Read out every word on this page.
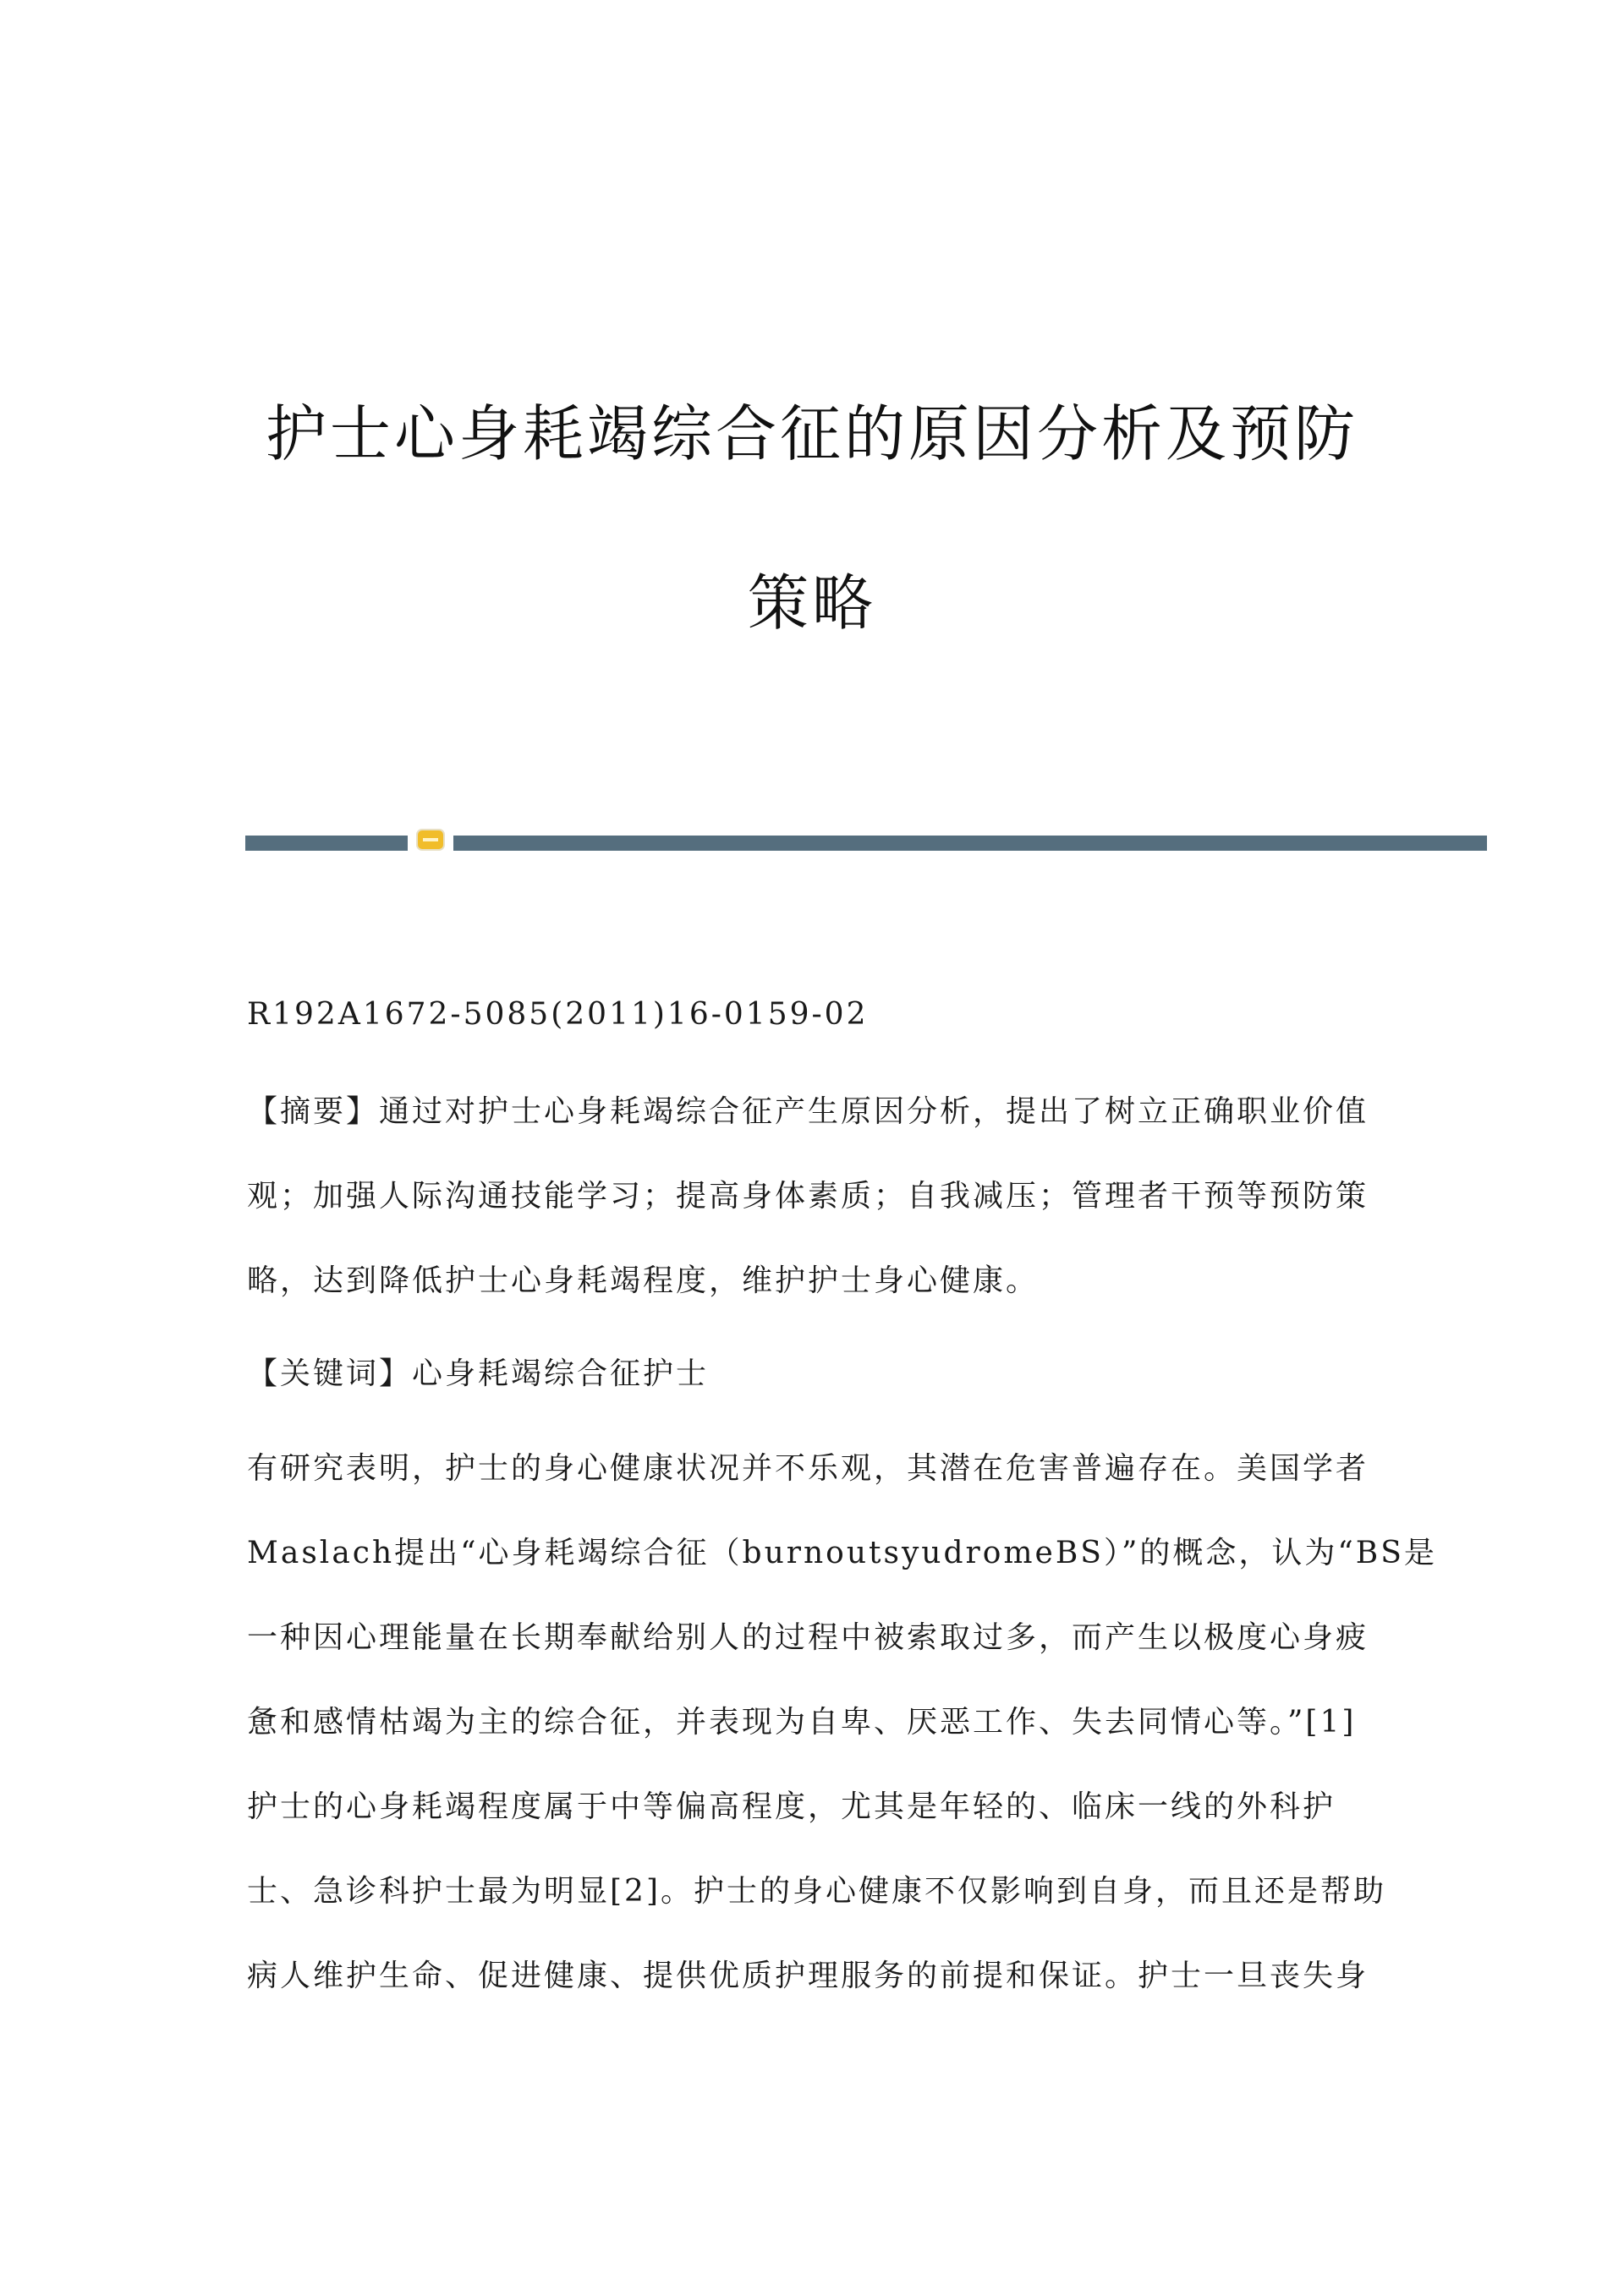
护士心身耗竭综合征的原因分析及预防
策略
R192A1672-5085(2011)16-0159-02
【摘要】通过对护士心身耗竭综合征产生原因分析，提出了树立正确职业价值
观；加强人际沟通技能学习；提高身体素质；自我减压；管理者干预等预防策
略，达到降低护士心身耗竭程度，维护护士身心健康。
【关键词】心身耗竭综合征护士
有研究表明，护士的身心健康状况并不乐观，其潜在危害普遍存在。美国学者
Maslach提出“心身耗竭综合征（burnoutsyudromeBS）”的概念，认为“BS是
一种因心理能量在长期奉献给别人的过程中被索取过多，而产生以极度心身疲
惫和感情枯竭为主的综合征，并表现为自卑、厌恶工作、失去同情心等。”[1]
护士的心身耗竭程度属于中等偏高程度，尤其是年轻的、临床一线的外科护
士、急诊科护士最为明显[2]。护士的身心健康不仅影响到自身，而且还是帮助
病人维护生命、促进健康、提供优质护理服务的前提和保证。护士一旦丧失身
